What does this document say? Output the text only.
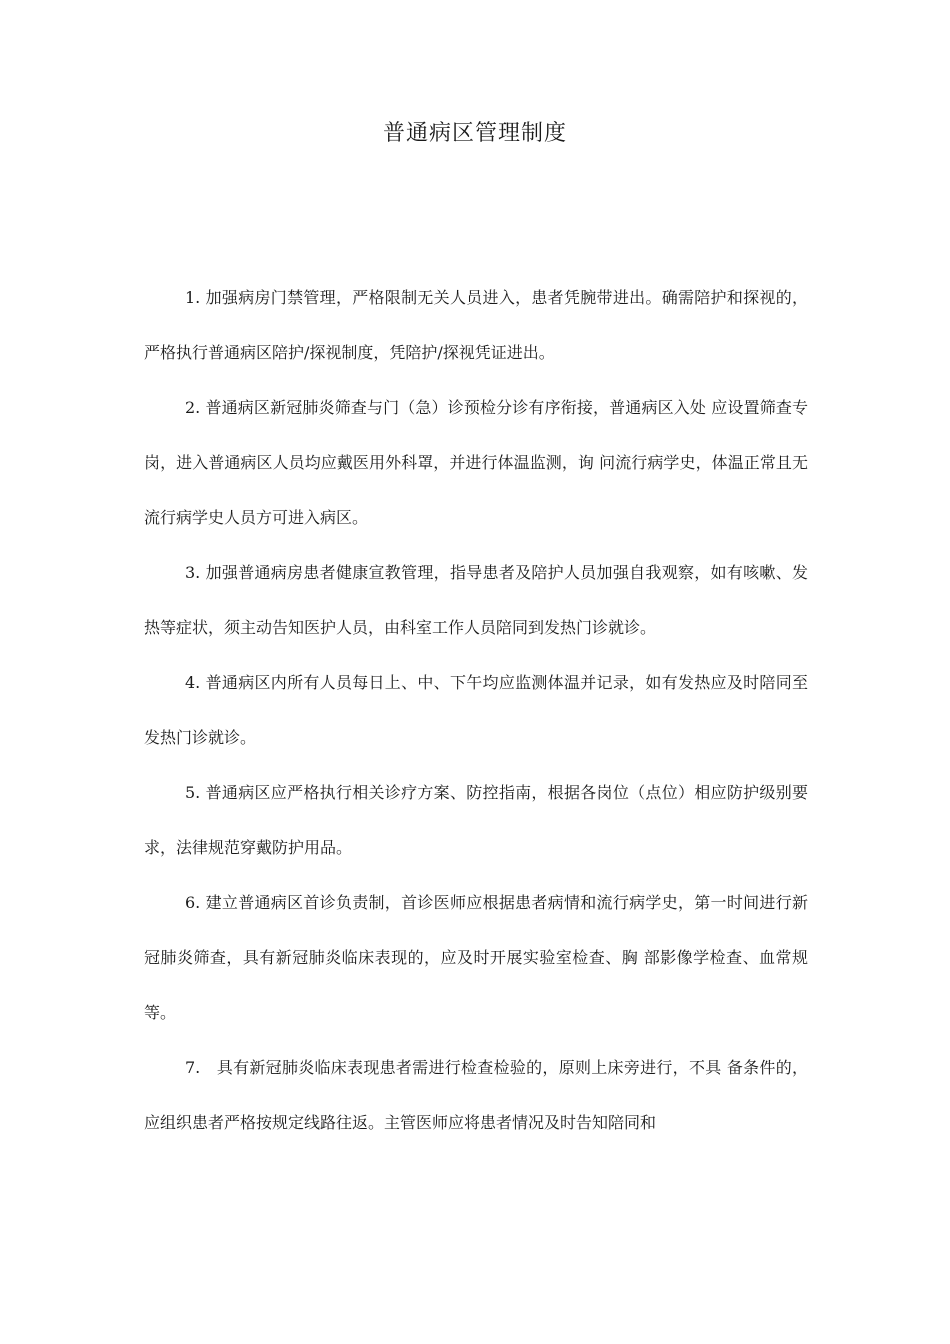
普通病区管理制度

1. 加强病房门禁管理，严格限制无关人员进入，患者凭腕带进出。确需陪护和探视的，严格执行普通病区陪护/探视制度，凭陪护/探视凭证进出。

2. 普通病区新冠肺炎筛查与门（急）诊预检分诊有序衔接，普通病区入处 应设置筛查专岗，进入普通病区人员均应戴医用外科罩，并进行体温监测，询 问流行病学史，体温正常且无流行病学史人员方可进入病区。

3. 加强普通病房患者健康宣教管理，指导患者及陪护人员加强自我观察，如有咳嗽、发热等症状，须主动告知医护人员，由科室工作人员陪同到发热门诊就诊。

4. 普通病区内所有人员每日上、中、下午均应监测体温并记录，如有发热应及时陪同至发热门诊就诊。

5. 普通病区应严格执行相关诊疗方案、防控指南，根据各岗位（点位）相应防护级别要求，法律规范穿戴防护用品。

6. 建立普通病区首诊负责制，首诊医师应根据患者病情和流行病学史，第一时间进行新冠肺炎筛查，具有新冠肺炎临床表现的，应及时开展实验室检查、胸 部影像学检查、血常规等。

7.　具有新冠肺炎临床表现患者需进行检查检验的，原则上床旁进行，不具 备条件的，应组织患者严格按规定线路往返。主管医师应将患者情况及时告知陪同和
